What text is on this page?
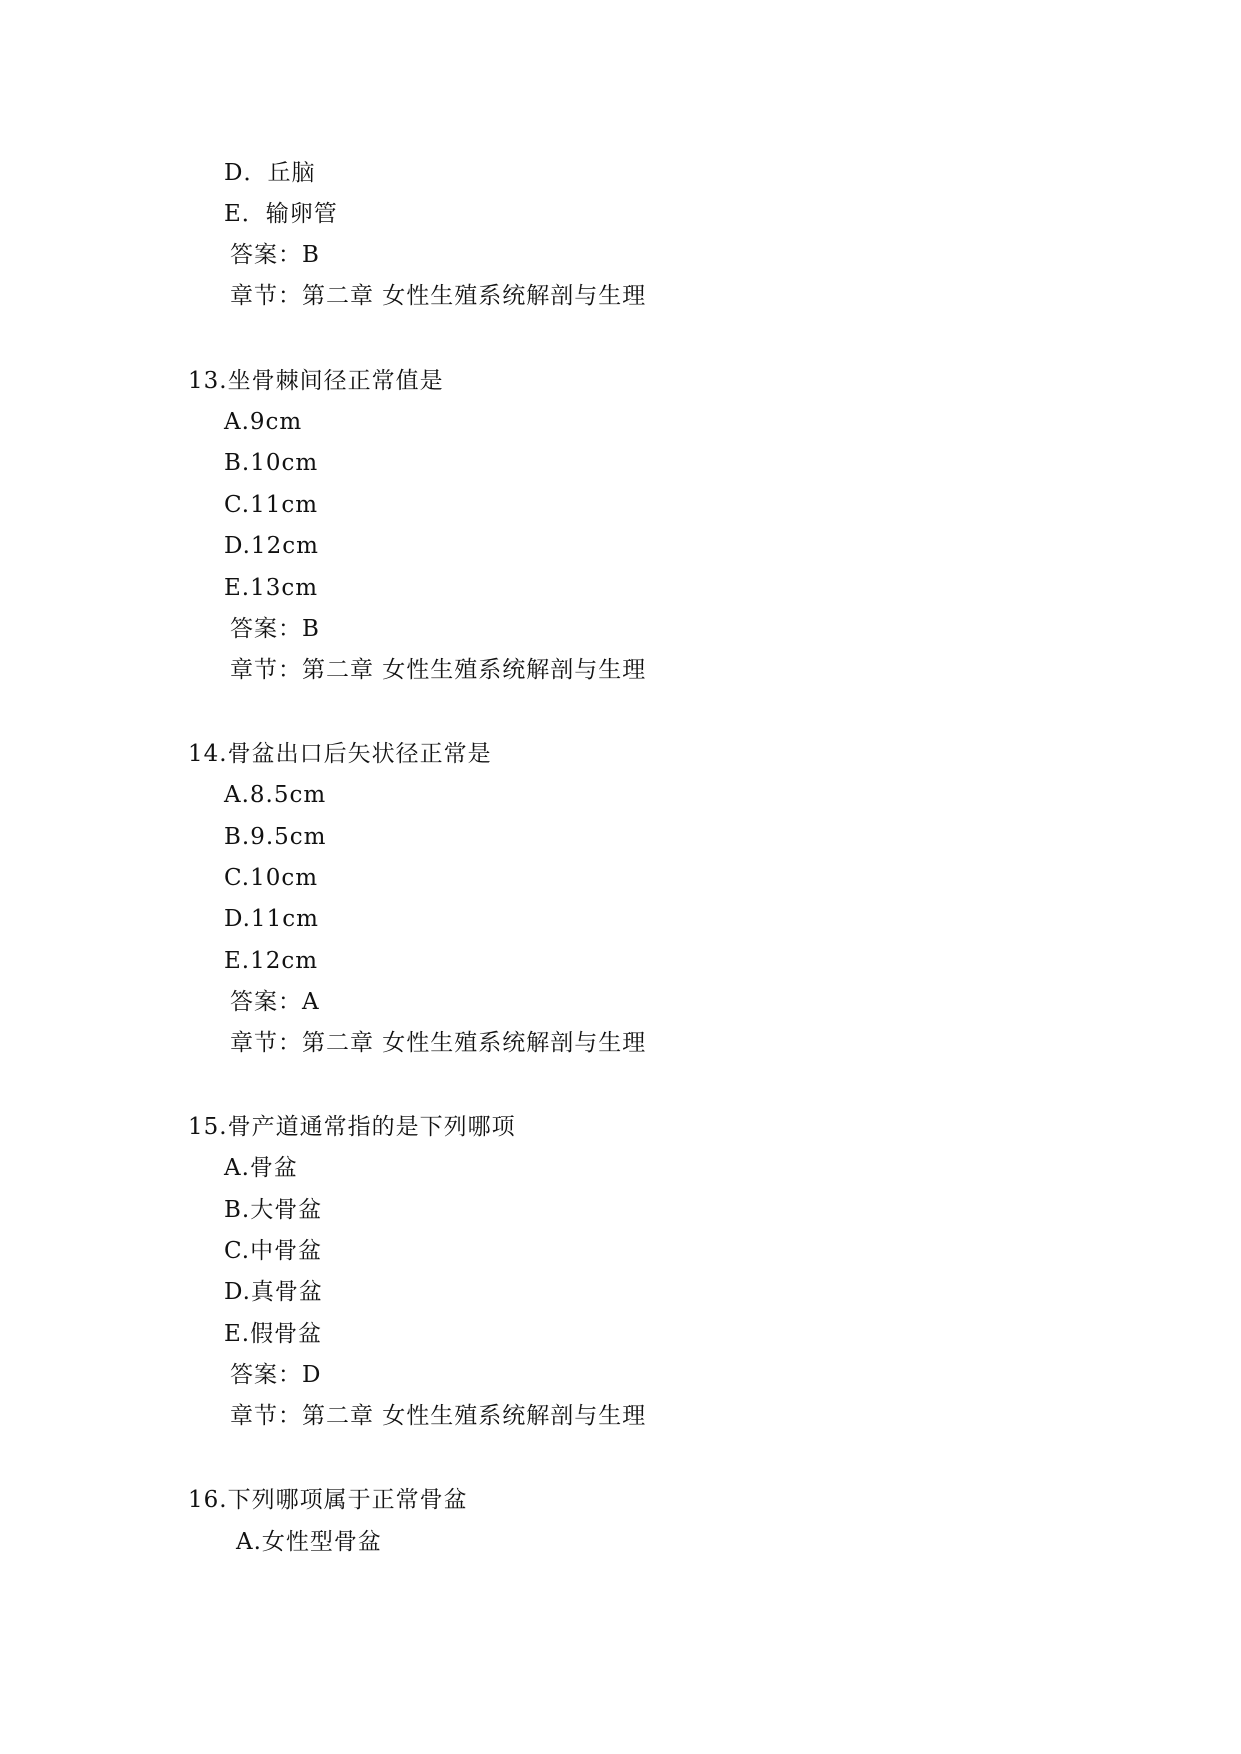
D．丘脑
E．输卵管
答案：B
章节：第二章 女性生殖系统解剖与生理
13.坐骨棘间径正常值是
A.9cm
B.10cm
C.11cm
D.12cm
E.13cm
答案：B
章节：第二章 女性生殖系统解剖与生理
14.骨盆出口后矢状径正常是
A.8.5cm
B.9.5cm
C.10cm
D.11cm
E.12cm
答案：A
章节：第二章 女性生殖系统解剖与生理
15.骨产道通常指的是下列哪项
A.骨盆
B.大骨盆
C.中骨盆
D.真骨盆
E.假骨盆
答案：D
章节：第二章 女性生殖系统解剖与生理
16.下列哪项属于正常骨盆
A.女性型骨盆
